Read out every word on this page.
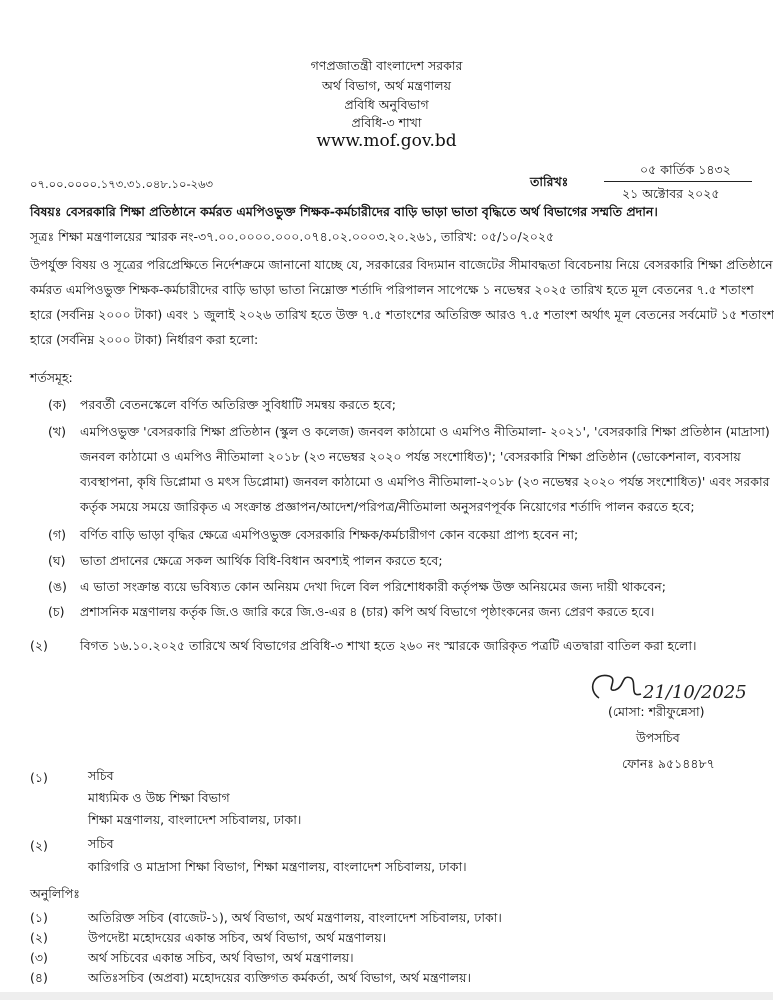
গণপ্রজাতন্ত্রী বাংলাদেশ সরকার
অর্থ বিভাগ, অর্থ মন্ত্রণালয়
প্রবিধি অনুবিভাগ
প্রবিধি-৩ শাখা
www.mof.gov.bd
০৭.০০.০০০০.১৭৩.৩১.০৪৮.১০-২৬৩	তারিখঃ
০৫ কার্তিক ১৪৩২
২১ অক্টোবর ২০২৫
বিষয়ঃ বেসরকারি শিক্ষা প্রতিষ্ঠানে কর্মরত এমপিওভুক্ত শিক্ষক-কর্মচারীদের বাড়ি ভাড়া ভাতা বৃদ্ধিতে অর্থ বিভাগের সম্মতি প্রদান।
সূত্রঃ শিক্ষা মন্ত্রণালয়ের স্মারক নং-৩৭.০০.০০০০.০০০.০৭৪.০২.০০০৩.২০.২৬১, তারিখ: ০৫/১০/২০২৫
উপর্যুক্ত বিষয় ও সূত্রের পরিপ্রেক্ষিতে নির্দেশক্রমে জানানো যাচ্ছে যে, সরকারের বিদ্যমান বাজেটের সীমাবদ্ধতা বিবেচনায় নিয়ে বেসরকারি শিক্ষা প্রতিষ্ঠানে
কর্মরত এমপিওভুক্ত শিক্ষক-কর্মচারীদের বাড়ি ভাড়া ভাতা নিম্নোক্ত শর্তাদি পরিপালন সাপেক্ষে ১ নভেম্বর ২০২৫ তারিখ হতে মূল বেতনের ৭.৫ শতাংশ
হারে (সর্বনিম্ন ২০০০ টাকা) এবং ১ জুলাই ২০২৬ তারিখ হতে উক্ত ৭.৫ শতাংশের অতিরিক্ত আরও ৭.৫ শতাংশ অর্থাৎ মূল বেতনের সর্বমোট ১৫ শতাংশ
হারে (সর্বনিম্ন ২০০০ টাকা) নির্ধারণ করা হলো:
শর্তসমূহ:
(ক) পরবর্তী বেতনস্কেলে বর্ণিত অতিরিক্ত সুবিধাটি সমন্বয় করতে হবে;
(খ) এমপিওভুক্ত 'বেসরকারি শিক্ষা প্রতিষ্ঠান (স্কুল ও কলেজ) জনবল কাঠামো ও এমপিও নীতিমালা- ২০২১', 'বেসরকারি শিক্ষা প্রতিষ্ঠান (মাদ্রাসা)
জনবল কাঠামো ও এমপিও নীতিমালা ২০১৮ (২৩ নভেম্বর ২০২০ পর্যন্ত সংশোধিত)'; 'বেসরকারি শিক্ষা প্রতিষ্ঠান (ভোকেশনাল, ব্যবসায়
ব্যবস্থাপনা, কৃষি ডিপ্লোমা ও মৎস ডিপ্লোমা) জনবল কাঠামো ও এমপিও নীতিমালা-২০১৮ (২৩ নভেম্বর ২০২০ পর্যন্ত সংশোধিত)' এবং সরকার
কর্তৃক সময়ে সময়ে জারিকৃত এ সংক্রান্ত প্রজ্ঞাপন/আদেশ/পরিপত্র/নীতিমালা অনুসরণপূর্বক নিয়োগের শর্তাদি পালন করতে হবে;
(গ) বর্ণিত বাড়ি ভাড়া বৃদ্ধির ক্ষেত্রে এমপিওভুক্ত বেসরকারি শিক্ষক/কর্মচারীগণ কোন বকেয়া প্রাপ্য হবেন না;
(ঘ) ভাতা প্রদানের ক্ষেত্রে সকল আর্থিক বিধি-বিধান অবশ্যই পালন করতে হবে;
(ঙ) এ ভাতা সংক্রান্ত ব্যয়ে ভবিষ্যত কোন অনিয়ম দেখা দিলে বিল পরিশোধকারী কর্তৃপক্ষ উক্ত অনিয়মের জন্য দায়ী থাকবেন;
(চ) প্রশাসনিক মন্ত্রণালয় কর্তৃক জি.ও জারি করে জি.ও-এর ৪ (চার) কপি অর্থ বিভাগে পৃষ্ঠাংকনের জন্য প্রেরণ করতে হবে।
(২)	বিগত ১৬.১০.২০২৫ তারিখে অর্থ বিভাগের প্রবিধি-৩ শাখা হতে ২৬০ নং স্মারকে জারিকৃত পত্রটি এতদ্বারা বাতিল করা হলো।
21/10/2025
(মোসা: শরীফুন্নেসা)
উপসচিব
ফোনঃ ৯৫১৪৪৮৭
(১)	সচিব
মাধ্যমিক ও উচ্চ শিক্ষা বিভাগ
শিক্ষা মন্ত্রণালয়, বাংলাদেশ সচিবালয়, ঢাকা।
(২)	সচিব
কারিগরি ও মাদ্রাসা শিক্ষা বিভাগ, শিক্ষা মন্ত্রণালয়, বাংলাদেশ সচিবালয়, ঢাকা।
অনুলিপিঃ
(১)	অতিরিক্ত সচিব (বাজেট-১), অর্থ বিভাগ, অর্থ মন্ত্রণালয়, বাংলাদেশ সচিবালয়, ঢাকা।
(২)	উপদেষ্টা মহোদয়ের একান্ত সচিব, অর্থ বিভাগ, অর্থ মন্ত্রণালয়।
(৩)	অর্থ সচিবের একান্ত সচিব, অর্থ বিভাগ, অর্থ মন্ত্রণালয়।
(৪)	অতিঃসচিব (অপ্রবা) মহোদয়ের ব্যক্তিগত কর্মকর্তা, অর্থ বিভাগ, অর্থ মন্ত্রণালয়।
